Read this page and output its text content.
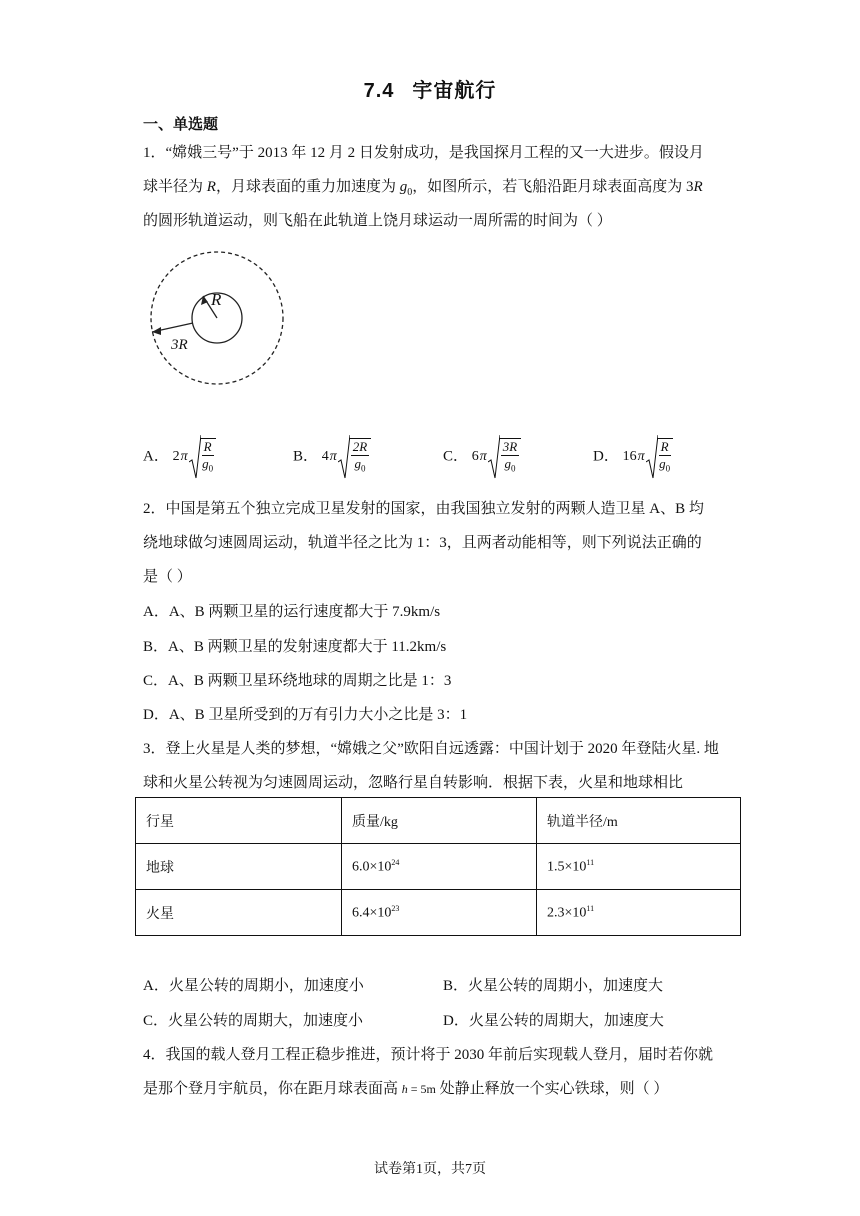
7.4 宇宙航行
一、单选题
1．“嫦娥三号”于 2013 年 12 月 2 日发射成功，是我国探月工程的又一大进步。假设月
球半径为 R，月球表面的重力加速度为 $g_0$，如图所示，若飞船沿距月球表面高度为 3R
的圆形轨道运动，则飞船在此轨道上饶月球运动一周所需的时间为（ ）
R
3R
A． 2 π $\frac{R}{g_0}$	B． 4 π $\frac{2R}{g_0}$	C． 6 π $\frac{3R}{g_0}$	D． 16 π $\frac{R}{g_0}$
2．中国是第五个独立完成卫星发射的国家，由我国独立发射的两颗人造卫星 A、B 均
绕地球做匀速圆周运动，轨道半径之比为 1：3，且两者动能相等，则下列说法正确的
是（ ）
A．A、B 两颗卫星的运行速度都大于 7.9km/s
B．A、B 两颗卫星的发射速度都大于 11.2km/s
C．A、B 两颗卫星环绕地球的周期之比是 1：3
D．A、B 卫星所受到的万有引力大小之比是 3：1
3．登上火星是人类的梦想，“嫦娥之父”欧阳自远透露：中国计划于 2020 年登陆火星. 地
球和火星公转视为匀速圆周运动，忽略行星自转影响．根据下表，火星和地球相比
行星	质量/kg	轨道半径/m
地球	$6.0\times 10^{24}$	$1.5\times 10^{11}$
火星	$6.4\times 10^{23}$	$2.3\times 10^{11}$
A．火星公转的周期小，加速度小	B．火星公转的周期小，加速度大
C．火星公转的周期大，加速度小	D．火星公转的周期大，加速度大
4．我国的载人登月工程正稳步推进，预计将于 2030 年前后实现载人登月，届时若你就
是那个登月宇航员，你在距月球表面高 h = 5m 处静止释放一个实心铁球，则（ ）
试卷第1页，共7页
